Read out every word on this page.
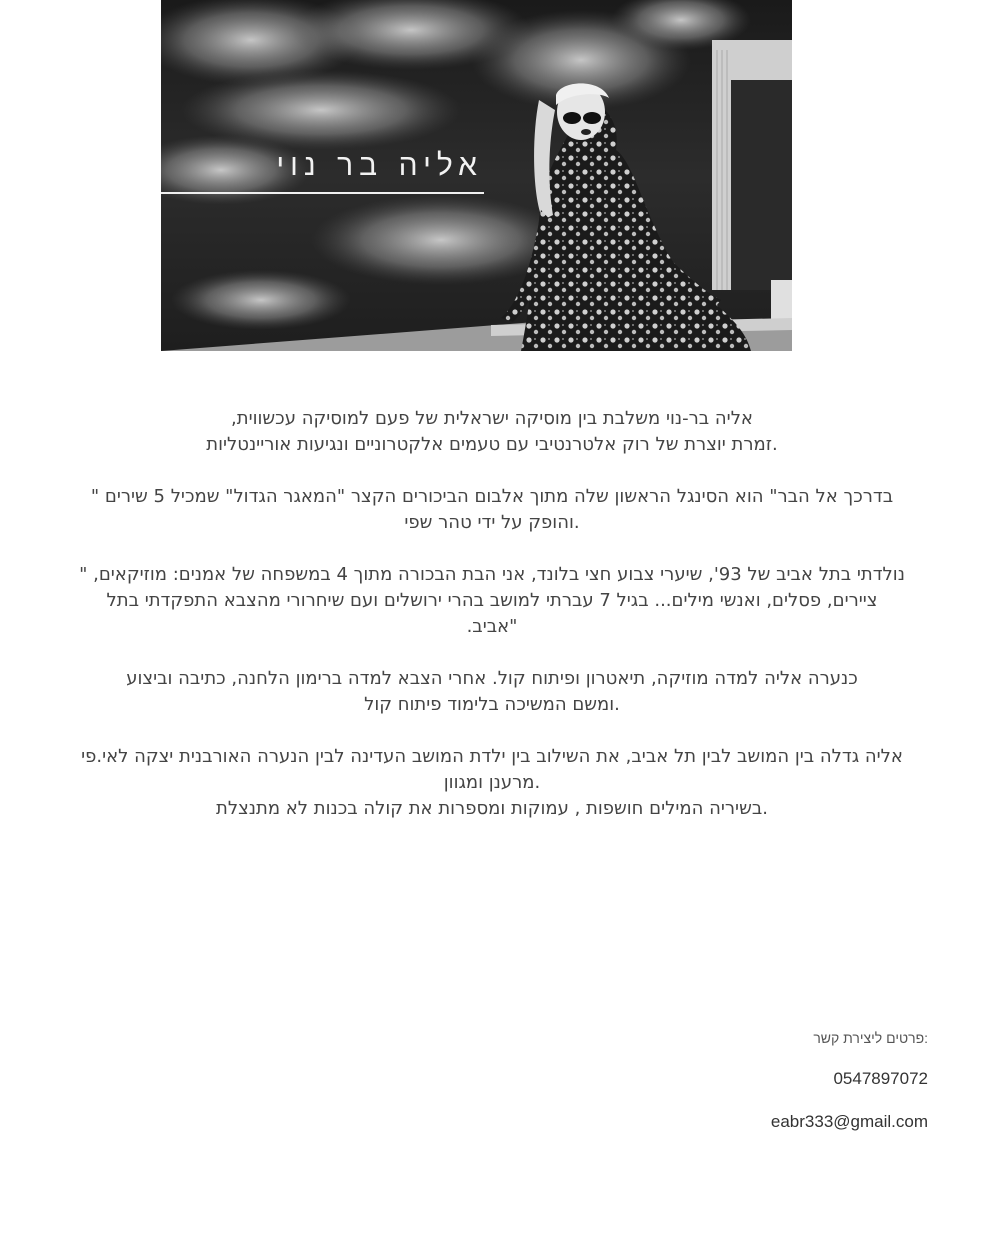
אליה בר נוי

אליה בר-נוי משלבת בין מוסיקה ישראלית של פעם למוסיקה עכשווית,
.זמרת יוצרת של רוק אלטרנטיבי עם טעמים אלקטרוניים ונגיעות אוריינטליות

בדרכך אל הבר" הוא הסינגל הראשון שלה מתוך אלבום הביכורים הקצר "המאגר הגדול" שמכיל 5 שירים "
.והופק על ידי טהר שפי

נולדתי בתל אביב של 93', שיערי צבוע חצי בלונד, אני הבת הבכורה מתוך 4 במשפחה של אמנים: מוזיקאים, "
ציירים, פסלים, ואנשי מילים... בגיל 7 עברתי למושב בהרי ירושלים ועם שיחרורי מהצבא התפקדתי בתל
"אביב.

כנערה אליה למדה מוזיקה, תיאטרון ופיתוח קול. אחרי הצבא למדה ברימון הלחנה, כתיבה וביצוע
.ומשם המשיכה בלימוד פיתוח קול

אליה גדלה בין המושב לבין תל אביב, את השילוב בין ילדת המושב העדינה לבין הנערה האורבנית יצקה לאי.פי
.מרענן ומגוון
.בשיריה המילים חושפות , עמוקות ומספרות את קולה בכנות לא מתנצלת

:פרטים ליצירת קשר
0547897072
eabr333@gmail.com
